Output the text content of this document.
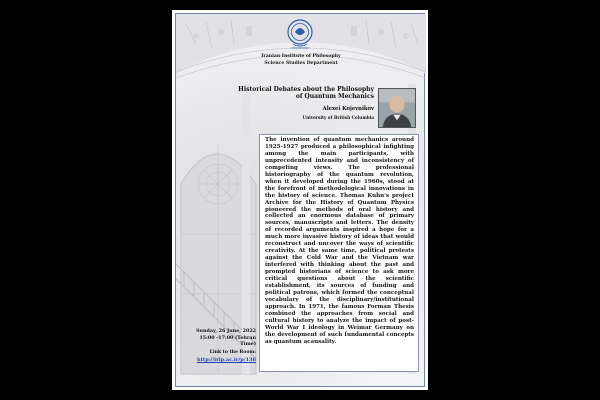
Iranian Institute of Philosophy
Science Studies Department
Historical Debates about the Philosophy of Quantum Mechanics
Alexei Kojevnikov
University of British Columbia

The invention of quantum mechanics around 1925-1927 produced a philosophical infighting among the main participants, with unprecedented intensity and inconsistency of competing views. The professional historiography of the quantum revolution, when it developed during the 1960s, stood at the forefront of methodological innovations in the history of science. Thomas Kuhn's project Archive for the History of Quantum Physics pioneered the methods of oral history and collected an enormous database of primary sources, manuscripts and letters. The density of recorded arguments inspired a hope for a much more invasive history of ideas that would reconstruct and uncover the ways of scientific creativity. At the same time, political protests against the Cold War and the Vietnam war interfered with thinking about the past and prompted historians of science to ask more critical questions about the scientific establishment, its sources of funding and political patrons, which formed the conceptual vocabulary of the disciplinary/institutional approach. In 1971, the famous Forman Thesis combined the approaches from social and cultural history to analyze the impact of post-World War I ideology in Weimar Germany on the development of such fundamental concepts as quantum acausality.

Sunday, 26 June, 2022
15:00 -17:00 (Tehran Time)
Link to the Room:
http://irip.ac.ir/p/136
